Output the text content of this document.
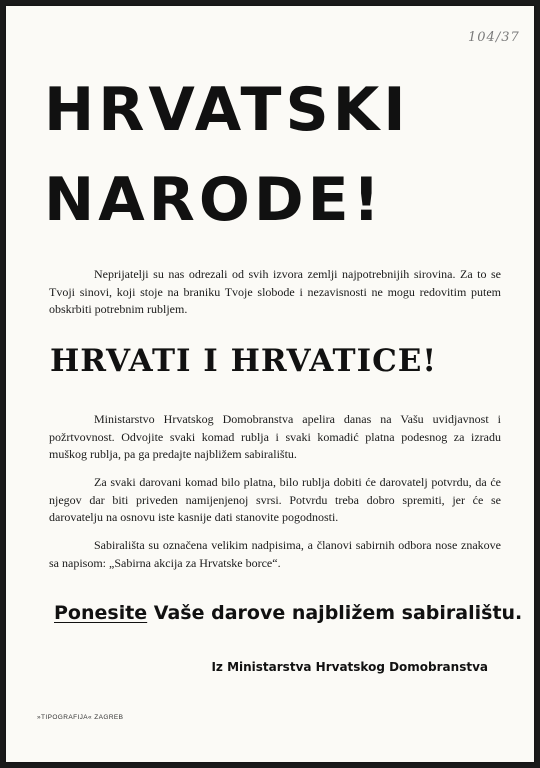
104/37
HRVATSKI
NARODE!

Neprijatelji su nas odrezali od svih izvora zemlji najpotrebnijih sirovina. Za to se Tvoji sinovi, koji stoje na braniku Tvoje slobode i nezavisnosti ne mogu redovitim putem obskrbiti potrebnim rubljem.

HRVATI I HRVATICE!

Ministarstvo Hrvatskog Domobranstva apelira danas na Vašu uvidjavnost i požrtvovnost. Odvojite svaki komad rublja i svaki komadić platna podesnog za izradu muškog rublja, pa ga predajte najbližem sabiralištu.

Za svaki darovani komad bilo platna, bilo rublja dobiti će darovatelj potvrdu, da će njegov dar biti priveden namijenjenoj svrsi. Potvrdu treba dobro spremiti, jer će se darovatelju na osnovu iste kasnije dati stanovite pogodnosti.

Sabirališta su označena velikim nadpisima, a članovi sabirnih odbora nose znakove sa napisom: „Sabirna akcija za Hrvatske borce“.

Ponesite Vaše darove najbližem sabiralištu.

Iz Ministarstva Hrvatskog Domobranstva

»TIPOGRAFIJA« ZAGREB
